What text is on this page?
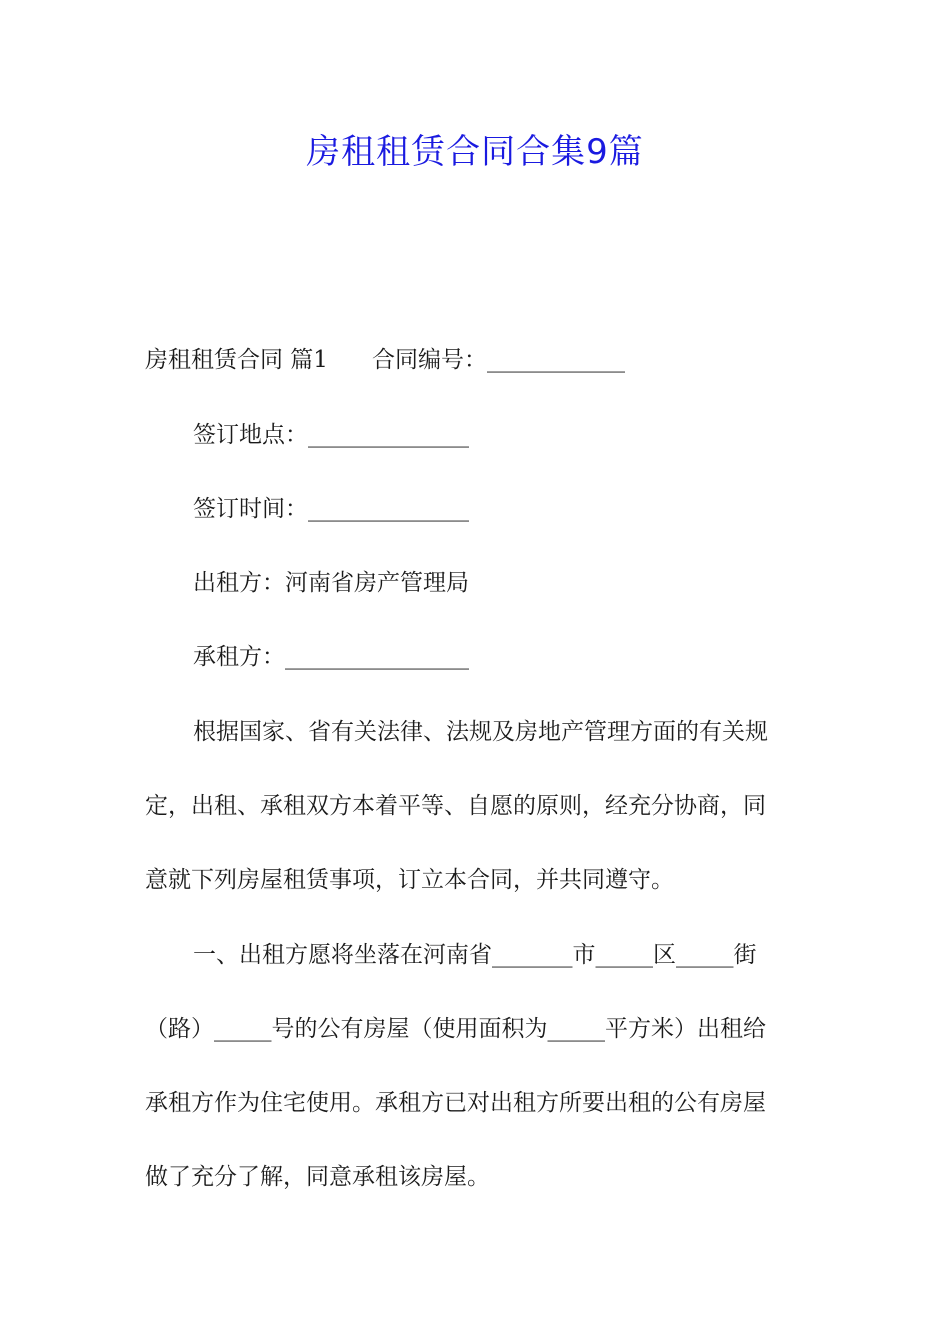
房租租赁合同合集9篇
房租租赁合同 篇1 合同编号：____________
签订地点：______________
签订时间：______________
出租方：河南省房产管理局
承租方：________________
根据国家、省有关法律、法规及房地产管理方面的有关规
定，出租、承租双方本着平等、自愿的原则，经充分协商，同
意就下列房屋租赁事项，订立本合同，并共同遵守。
一、出租方愿将坐落在河南省_______市_____区_____街
（路）_____号的公有房屋（使用面积为_____平方米）出租给
承租方作为住宅使用。承租方已对出租方所要出租的公有房屋
做了充分了解，同意承租该房屋。
